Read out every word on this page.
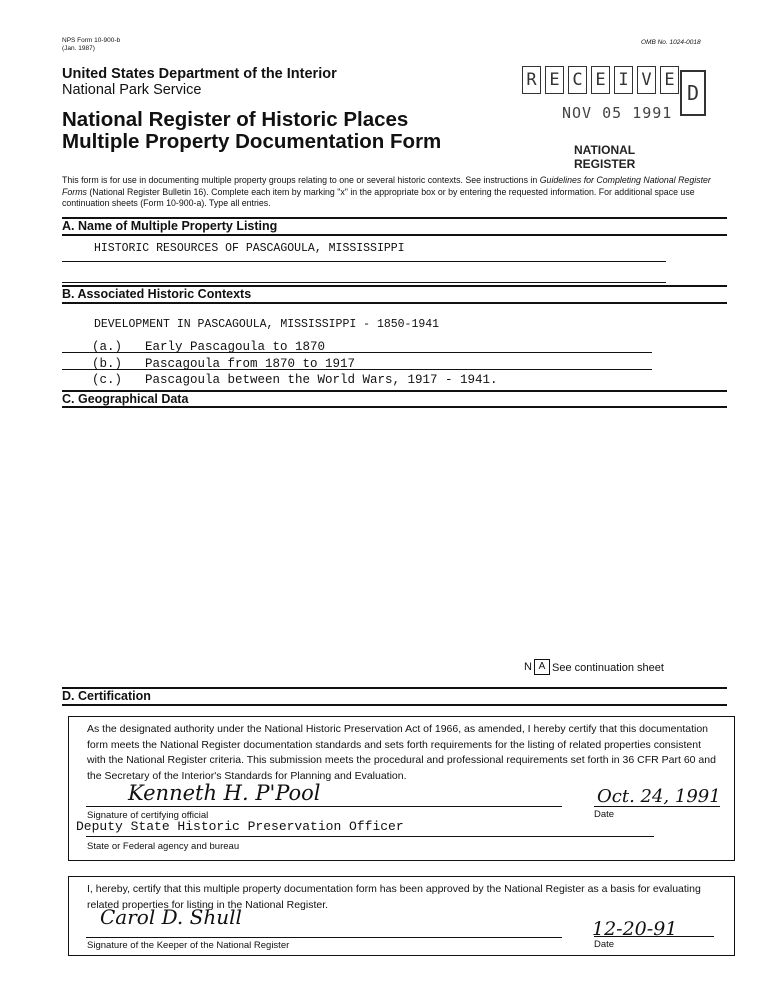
NPS Form 10-900-b
(Jan. 1987)
OMB No. 1024-0018
United States Department of the Interior
National Park Service
National Register of Historic Places
Multiple Property Documentation Form
R E C E I V E
D
NOV 05 1991
NATIONAL
REGISTER
This form is for use in documenting multiple property groups relating to one or several historic contexts. See instructions in Guidelines for Completing National Register Forms (National Register Bulletin 16). Complete each item by marking "x" in the appropriate box or by entering the requested information. For additional space use continuation sheets (Form 10-900-a). Type all entries.
A. Name of Multiple Property Listing
HISTORIC RESOURCES OF PASCAGOULA, MISSISSIPPI
B. Associated Historic Contexts
DEVELOPMENT IN PASCAGOULA, MISSISSIPPI - 1850-1941
(a.) Early Pascagoula to 1870
(b.) Pascagoula from 1870 to 1917
(c.) Pascagoula between the World Wars, 1917 - 1941.
C. Geographical Data
N A See continuation sheet
D. Certification
As the designated authority under the National Historic Preservation Act of 1966, as amended, I hereby certify that this documentation form meets the National Register documentation standards and sets forth requirements for the listing of related properties consistent with the National Register criteria. This submission meets the procedural and professional requirements set forth in 36 CFR Part 60 and the Secretary of the Interior's Standards for Planning and Evaluation.
Kenneth H. P'Pool	Oct. 24, 1991
Signature of certifying official	Date
Deputy State Historic Preservation Officer
State or Federal agency and bureau
I, hereby, certify that this multiple property documentation form has been approved by the National Register as a basis for evaluating related properties for listing in the National Register.
Carol D. Shull	12-20-91
Signature of the Keeper of the National Register	Date
